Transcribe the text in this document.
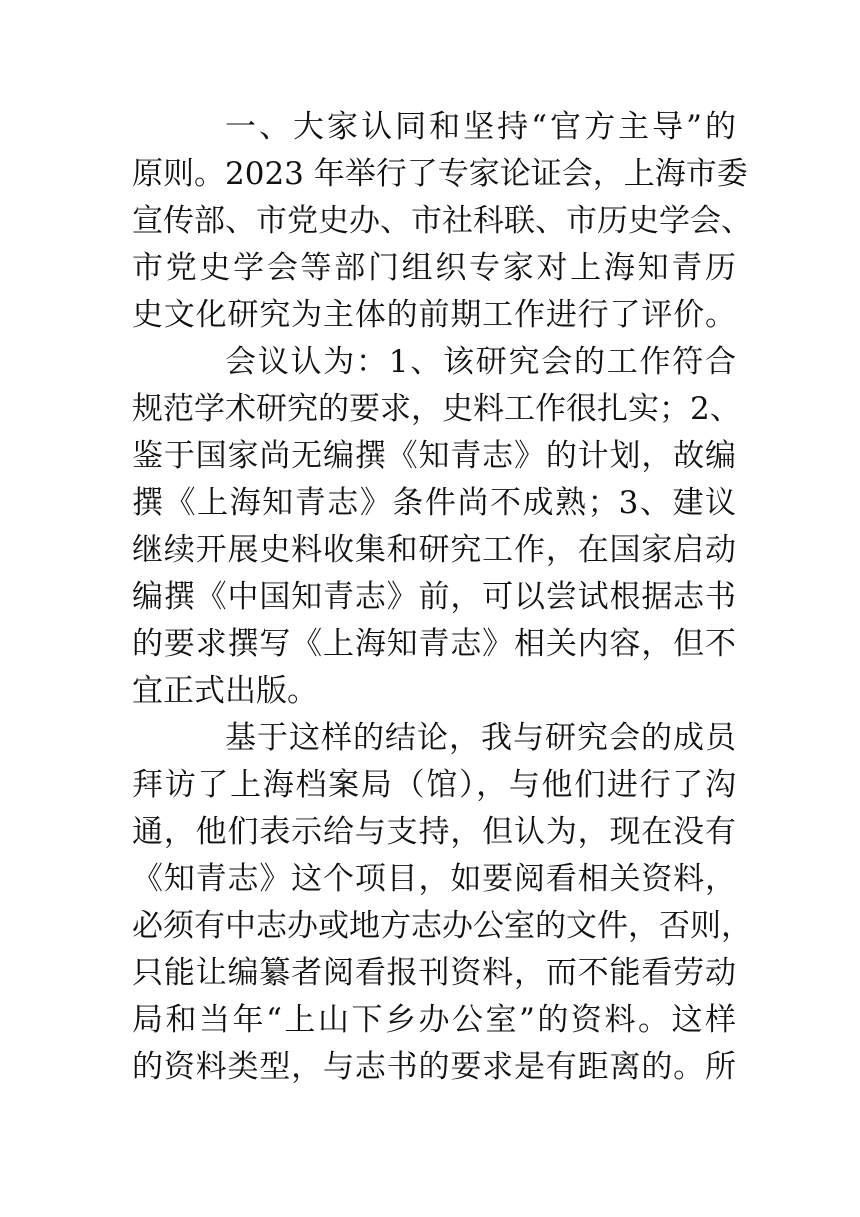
一、大家认同和坚持“官方主导”的
原则。2023 年举行了专家论证会，上海市委
宣传部、市党史办、市社科联、市历史学会、
市党史学会等部门组织专家对上海知青历
史文化研究为主体的前期工作进行了评价。
会议认为：1、该研究会的工作符合
规范学术研究的要求，史料工作很扎实；2、
鉴于国家尚无编撰《知青志》的计划，故编
撰《上海知青志》条件尚不成熟；3、建议
继续开展史料收集和研究工作，在国家启动
编撰《中国知青志》前，可以尝试根据志书
的要求撰写《上海知青志》相关内容，但不
宜正式出版。
基于这样的结论，我与研究会的成员
拜访了上海档案局（馆），与他们进行了沟
通，他们表示给与支持，但认为，现在没有
《知青志》这个项目，如要阅看相关资料，
必须有中志办或地方志办公室的文件，否则，
只能让编纂者阅看报刊资料，而不能看劳动
局和当年“上山下乡办公室”的资料。这样
的资料类型，与志书的要求是有距离的。所
